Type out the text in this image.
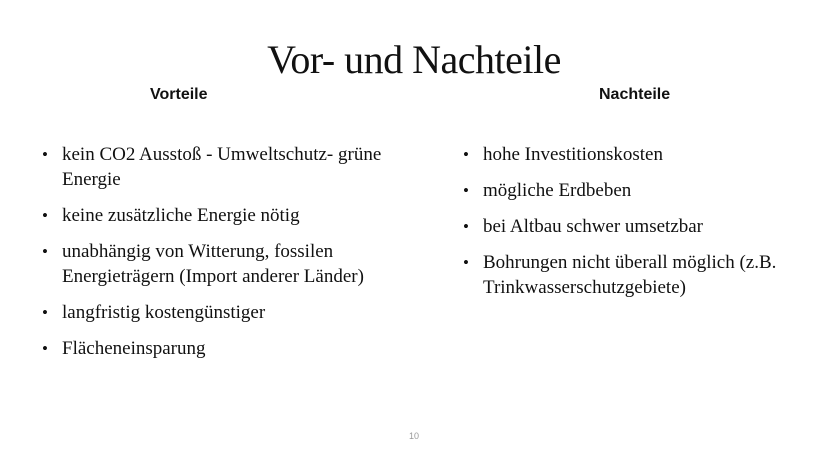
Vor- und Nachteile
Vorteile	Nachteile
• kein CO2 Ausstoß - Umweltschutz- grüne Energie
• keine zusätzliche Energie nötig
• unabhängig von Witterung, fossilen Energieträgern (Import anderer Länder)
• langfristig kostengünstiger
• Flächeneinsparung
• hohe Investitionskosten
• mögliche Erdbeben
• bei Altbau schwer umsetzbar
• Bohrungen nicht überall möglich (z.B. Trinkwasserschutzgebiete)
10
